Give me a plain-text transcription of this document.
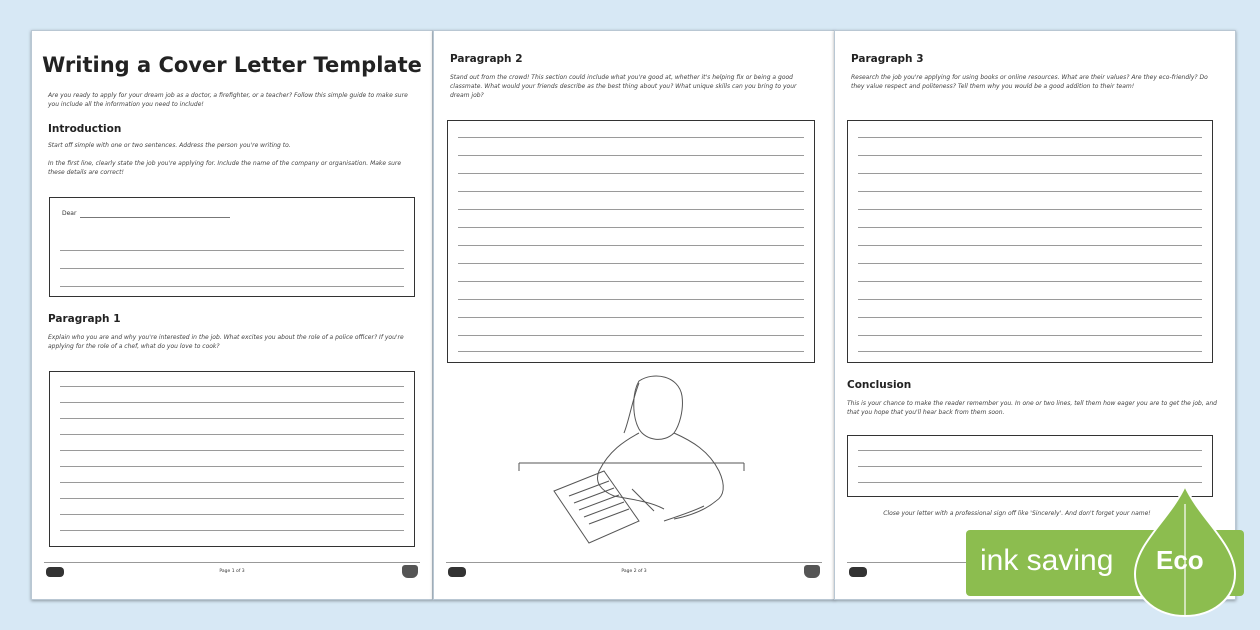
Writing a Cover Letter Template
Are you ready to apply for your dream job as a doctor, a firefighter, or a teacher? Follow this simple guide to make sure you include all the information you need to include!
Introduction
Start off simple with one or two sentences. Address the person you're writing to.
In the first line, clearly state the job you're applying for. Include the name of the company or organisation. Make sure these details are correct!
Dear
Paragraph 1
Explain who you are and why you're interested in the job. What excites you about the role of a police officer? If you're applying for the role of a chef, what do you love to cook?
Page 1 of 3
Paragraph 2
Stand out from the crowd! This section could include what you're good at, whether it's helping fix or being a good classmate. What would your friends describe as the best thing about you? What unique skills can you bring to your dream job?
Page 2 of 3
Paragraph 3
Research the job you're applying for using books or online resources. What are their values? Are they eco-friendly? Do they value respect and politeness? Tell them why you would be a good addition to their team!
Conclusion
This is your chance to make the reader remember you. In one or two lines, tell them how eager you are to get the job, and that you hope that you'll hear back from them soon.
Close your letter with a professional sign off like 'Sincerely'. And don't forget your name!
ink saving Eco
